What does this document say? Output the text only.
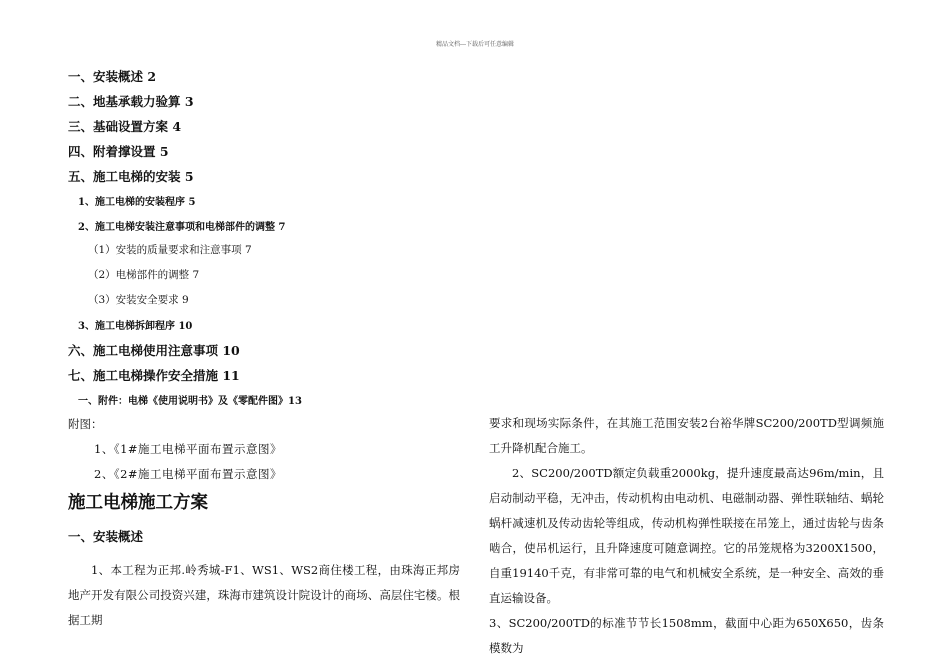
精品文档---下载后可任意编辑
一、安装概述 2
二、地基承载力验算 3
三、基础设置方案 4
四、附着撑设置 5
五、施工电梯的安装 5
1、施工电梯的安装程序 5
2、施工电梯安装注意事项和电梯部件的调整 7
（1）安装的质量要求和注意事项 7
（2）电梯部件的调整 7
（3）安装安全要求 9
3、施工电梯拆卸程序 10
六、施工电梯使用注意事项 10
七、施工电梯操作安全措施 11
一、附件：电梯《使用说明书》及《零配件图》13
附图：
1、《1#施工电梯平面布置示意图》
2、《2#施工电梯平面布置示意图》
施工电梯施工方案
一、安装概述

1、本工程为正邦.岭秀城-F1、WS1、WS2商住楼工程，由珠海正邦房地产开发有限公司投资兴建，珠海市建筑设计院设计的商场、高层住宅楼。根据工期

要求和现场实际条件，在其施工范围安装2台裕华牌SC200/200TD型调频施工升降机配合施工。

2、SC200/200TD额定负载重2000kg，提升速度最高达96m/min，且启动制动平稳，无冲击，传动机构由电动机、电磁制动器、弹性联轴结、蜗轮蜗杆减速机及传动齿轮等组成，传动机构弹性联接在吊笼上，通过齿轮与齿条啮合，使吊机运行，且升降速度可随意调控。它的吊笼规格为3200X1500，自重19140千克，有非常可靠的电气和机械安全系统，是一种安全、高效的垂直运输设备。

3、SC200/200TD的标准节节长1508mm，截面中心距为650X650，齿条模数为
